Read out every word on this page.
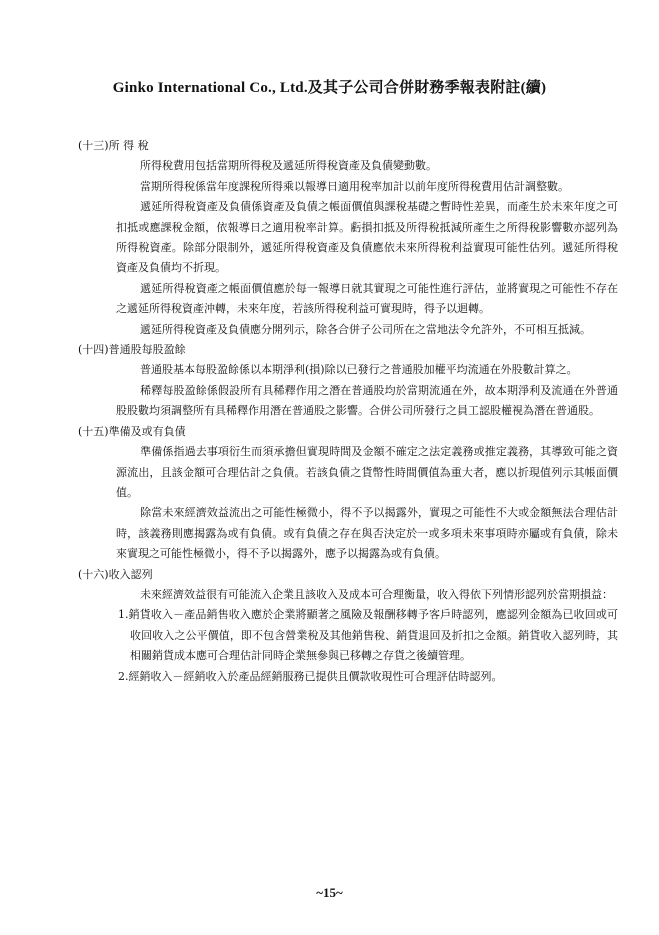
Ginko International Co., Ltd.及其子公司合併財務季報表附註(續)

(十三)所 得 稅

所得稅費用包括當期所得稅及遞延所得稅資產及負債變動數。

當期所得稅係當年度課稅所得乘以報導日適用稅率加計以前年度所得稅費用估計調整數。

遞延所得稅資產及負債係資產及負債之帳面價值與課稅基礎之暫時性差異，而產生於未來年度之可扣抵或應課稅金額，依報導日之適用稅率計算。虧損扣抵及所得稅抵減所產生之所得稅影響數亦認列為所得稅資產。除部分限制外，遞延所得稅資產及負債應依未來所得稅利益實現可能性估列。遞延所得稅資產及負債均不折現。

遞延所得稅資產之帳面價值應於每一報導日就其實現之可能性進行評估，並將實現之可能性不存在之遞延所得稅資產沖轉，未來年度，若該所得稅利益可實現時，得予以迴轉。

遞延所得稅資產及負債應分開列示，除各合併子公司所在之當地法令允許外，不可相互抵減。

(十四)普通股每股盈餘

普通股基本每股盈餘係以本期淨利(損)除以已發行之普通股加權平均流通在外股數計算之。

稀釋每股盈餘係假設所有具稀釋作用之潛在普通股均於當期流通在外，故本期淨利及流通在外普通股股數均須調整所有具稀釋作用潛在普通股之影響。合併公司所發行之員工認股權視為潛在普通股。

(十五)準備及或有負債

準備係指過去事項衍生而須承擔但實現時間及金額不確定之法定義務或推定義務，其導致可能之資源流出，且該金額可合理估計之負債。若該負債之貨幣性時間價值為重大者，應以折現值列示其帳面價值。

除當未來經濟效益流出之可能性極微小，得不予以揭露外，實現之可能性不大或金額無法合理估計時，該義務則應揭露為或有負債。或有負債之存在與否決定於一或多項未來事項時亦屬或有負債，除未來實現之可能性極微小，得不予以揭露外，應予以揭露為或有負債。

(十六)收入認列

未來經濟效益很有可能流入企業且該收入及成本可合理衡量，收入得依下列情形認列於當期損益：

1.銷貨收入－產品銷售收入應於企業將顯著之風險及報酬移轉予客戶時認列，應認列金額為已收回或可收回收入之公平價值，即不包含營業稅及其他銷售稅、銷貨退回及折扣之金額。銷貨收入認列時，其相關銷貨成本應可合理估計同時企業無參與已移轉之存貨之後續管理。

2.經銷收入－經銷收入於產品經銷服務已提供且價款收現性可合理評估時認列。

~15~
